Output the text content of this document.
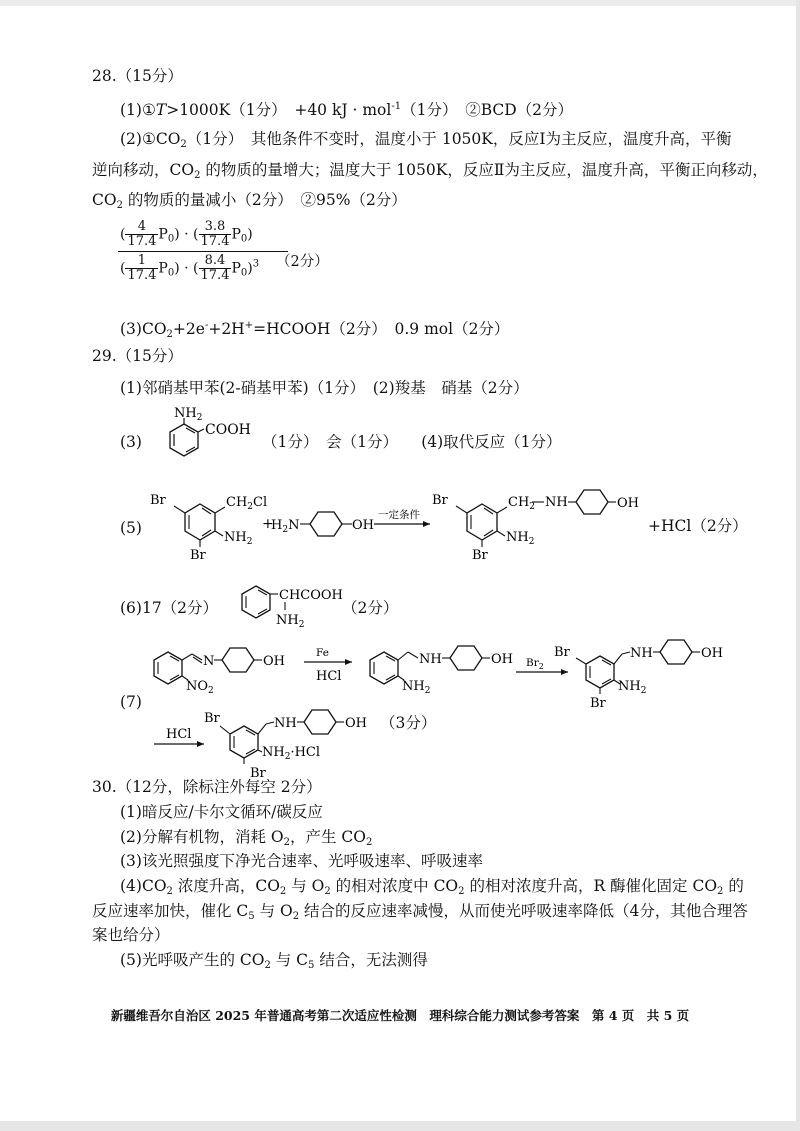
28.（15分）
(1)①T>1000K（1分）　+40 kJ · mol$^{-1}$（1分）　②BCD（2分）
$(2)①CO_2(1$分）　其他条件不变时，温度小于 1050K，反应Ⅰ为主反应，温度升高，平衡
逆向移动，$CO_2$ 的物质的量增大；温度大于 1050K，反应Ⅱ为主反应，温度升高，平衡正向移动，
$CO_2$ 的物质的量减小（2分）　②95%（2分）
( $\frac{4}{17.4} P_0$) · ( $\frac{3.8}{17.4} P_0$)
( $\frac{1}{17.4} P_0$) · ( $\frac{8.4}{17.4} P_0)^3$	（2分）
$(3)CO_2+2e^-+2H^+=HCOOH(2$分）　0.9 mol（2分）
29.（15分）
(1)邻硝基甲苯(2-硝基甲苯)（1分）　(2)羧基　硝基（2分）
(3)
$NH_2$
COOH
（1分）　会（1分）　　(4)取代反应（1分）
(5)
Br	$CH_2Cl$
$NH_2$
Br
+
$H_2N$	OH
一定条件
Br	$CH_2$ NH	OH
$NH_2$
Br
+HCl（2分）
(6)17（2分）
CHCOOH
$NH_2$
（2分）
(7)
N	OH
$NO_2$
Fe
HCl
NH	OH
$NH_2$
$Br_2$
Br	NH	OH
$NH_2$
Br
HCl
Br	NH	OH
$NH_2\cdot HCl$
Br
（3分）
30.（12分，除标注外每空 2分）
(1)暗反应/卡尔文循环/碳反应
(2)分解有机物，消耗 $O_2$，产生 $CO_2$
(3)该光照强度下净光合速率、光呼吸速率、呼吸速率
$(4)CO_2$ 浓度升高，$CO_2$ 与 $O_2$ 的相对浓度中 $CO_2$ 的相对浓度升高，R 酶催化固定 $CO_2$ 的
反应速率加快，催化 $C_5$ 与 $O_2$ 结合的反应速率减慢，从而使光呼吸速率降低（4分，其他合理答
案也给分）
(5)光呼吸产生的 $CO_2$ 与 $C_5$ 结合，无法测得
新疆维吾尔自治区 2025 年普通高考第二次适应性检测　理科综合能力测试参考答案　第 4 页　共 5 页
